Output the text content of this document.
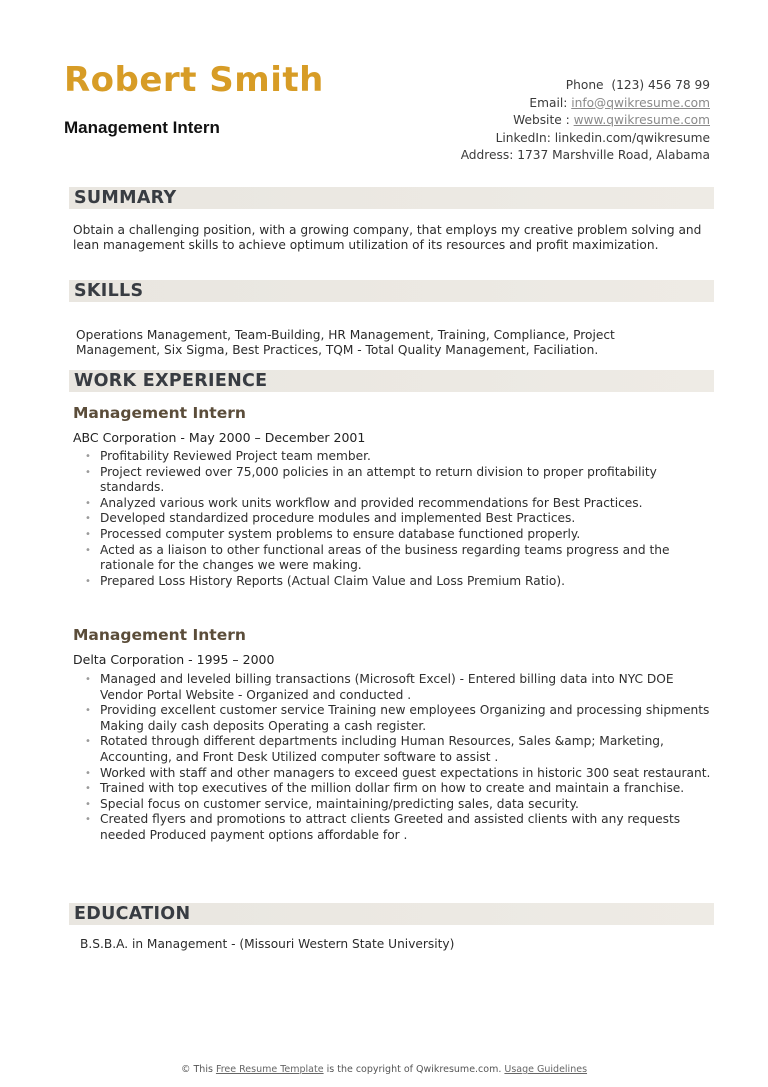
Robert Smith
Management Intern
Phone (123) 456 78 99
Email: info@qwikresume.com
Website : www.qwikresume.com
LinkedIn: linkedin.com/qwikresume
Address: 1737 Marshville Road, Alabama
SUMMARY
Obtain a challenging position, with a growing company, that employs my creative problem solving and lean management skills to achieve optimum utilization of its resources and profit maximization.
SKILLS
Operations Management, Team-Building, HR Management, Training, Compliance, Project Management, Six Sigma, Best Practices, TQM - Total Quality Management, Faciliation.
WORK EXPERIENCE
Management Intern
ABC Corporation - May 2000 – December 2001
• Profitability Reviewed Project team member.
• Project reviewed over 75,000 policies in an attempt to return division to proper profitability standards.
• Analyzed various work units workflow and provided recommendations for Best Practices.
• Developed standardized procedure modules and implemented Best Practices.
• Processed computer system problems to ensure database functioned properly.
• Acted as a liaison to other functional areas of the business regarding teams progress and the rationale for the changes we were making.
• Prepared Loss History Reports (Actual Claim Value and Loss Premium Ratio).
Management Intern
Delta Corporation - 1995 – 2000
• Managed and leveled billing transactions (Microsoft Excel) - Entered billing data into NYC DOE Vendor Portal Website - Organized and conducted .
• Providing excellent customer service Training new employees Organizing and processing shipments Making daily cash deposits Operating a cash register.
• Rotated through different departments including Human Resources, Sales &amp; Marketing, Accounting, and Front Desk Utilized computer software to assist .
• Worked with staff and other managers to exceed guest expectations in historic 300 seat restaurant.
• Trained with top executives of the million dollar firm on how to create and maintain a franchise.
• Special focus on customer service, maintaining/predicting sales, data security.
• Created flyers and promotions to attract clients Greeted and assisted clients with any requests needed Produced payment options affordable for .
EDUCATION
B.S.B.A. in Management - (Missouri Western State University)
© This Free Resume Template is the copyright of Qwikresume.com. Usage Guidelines
